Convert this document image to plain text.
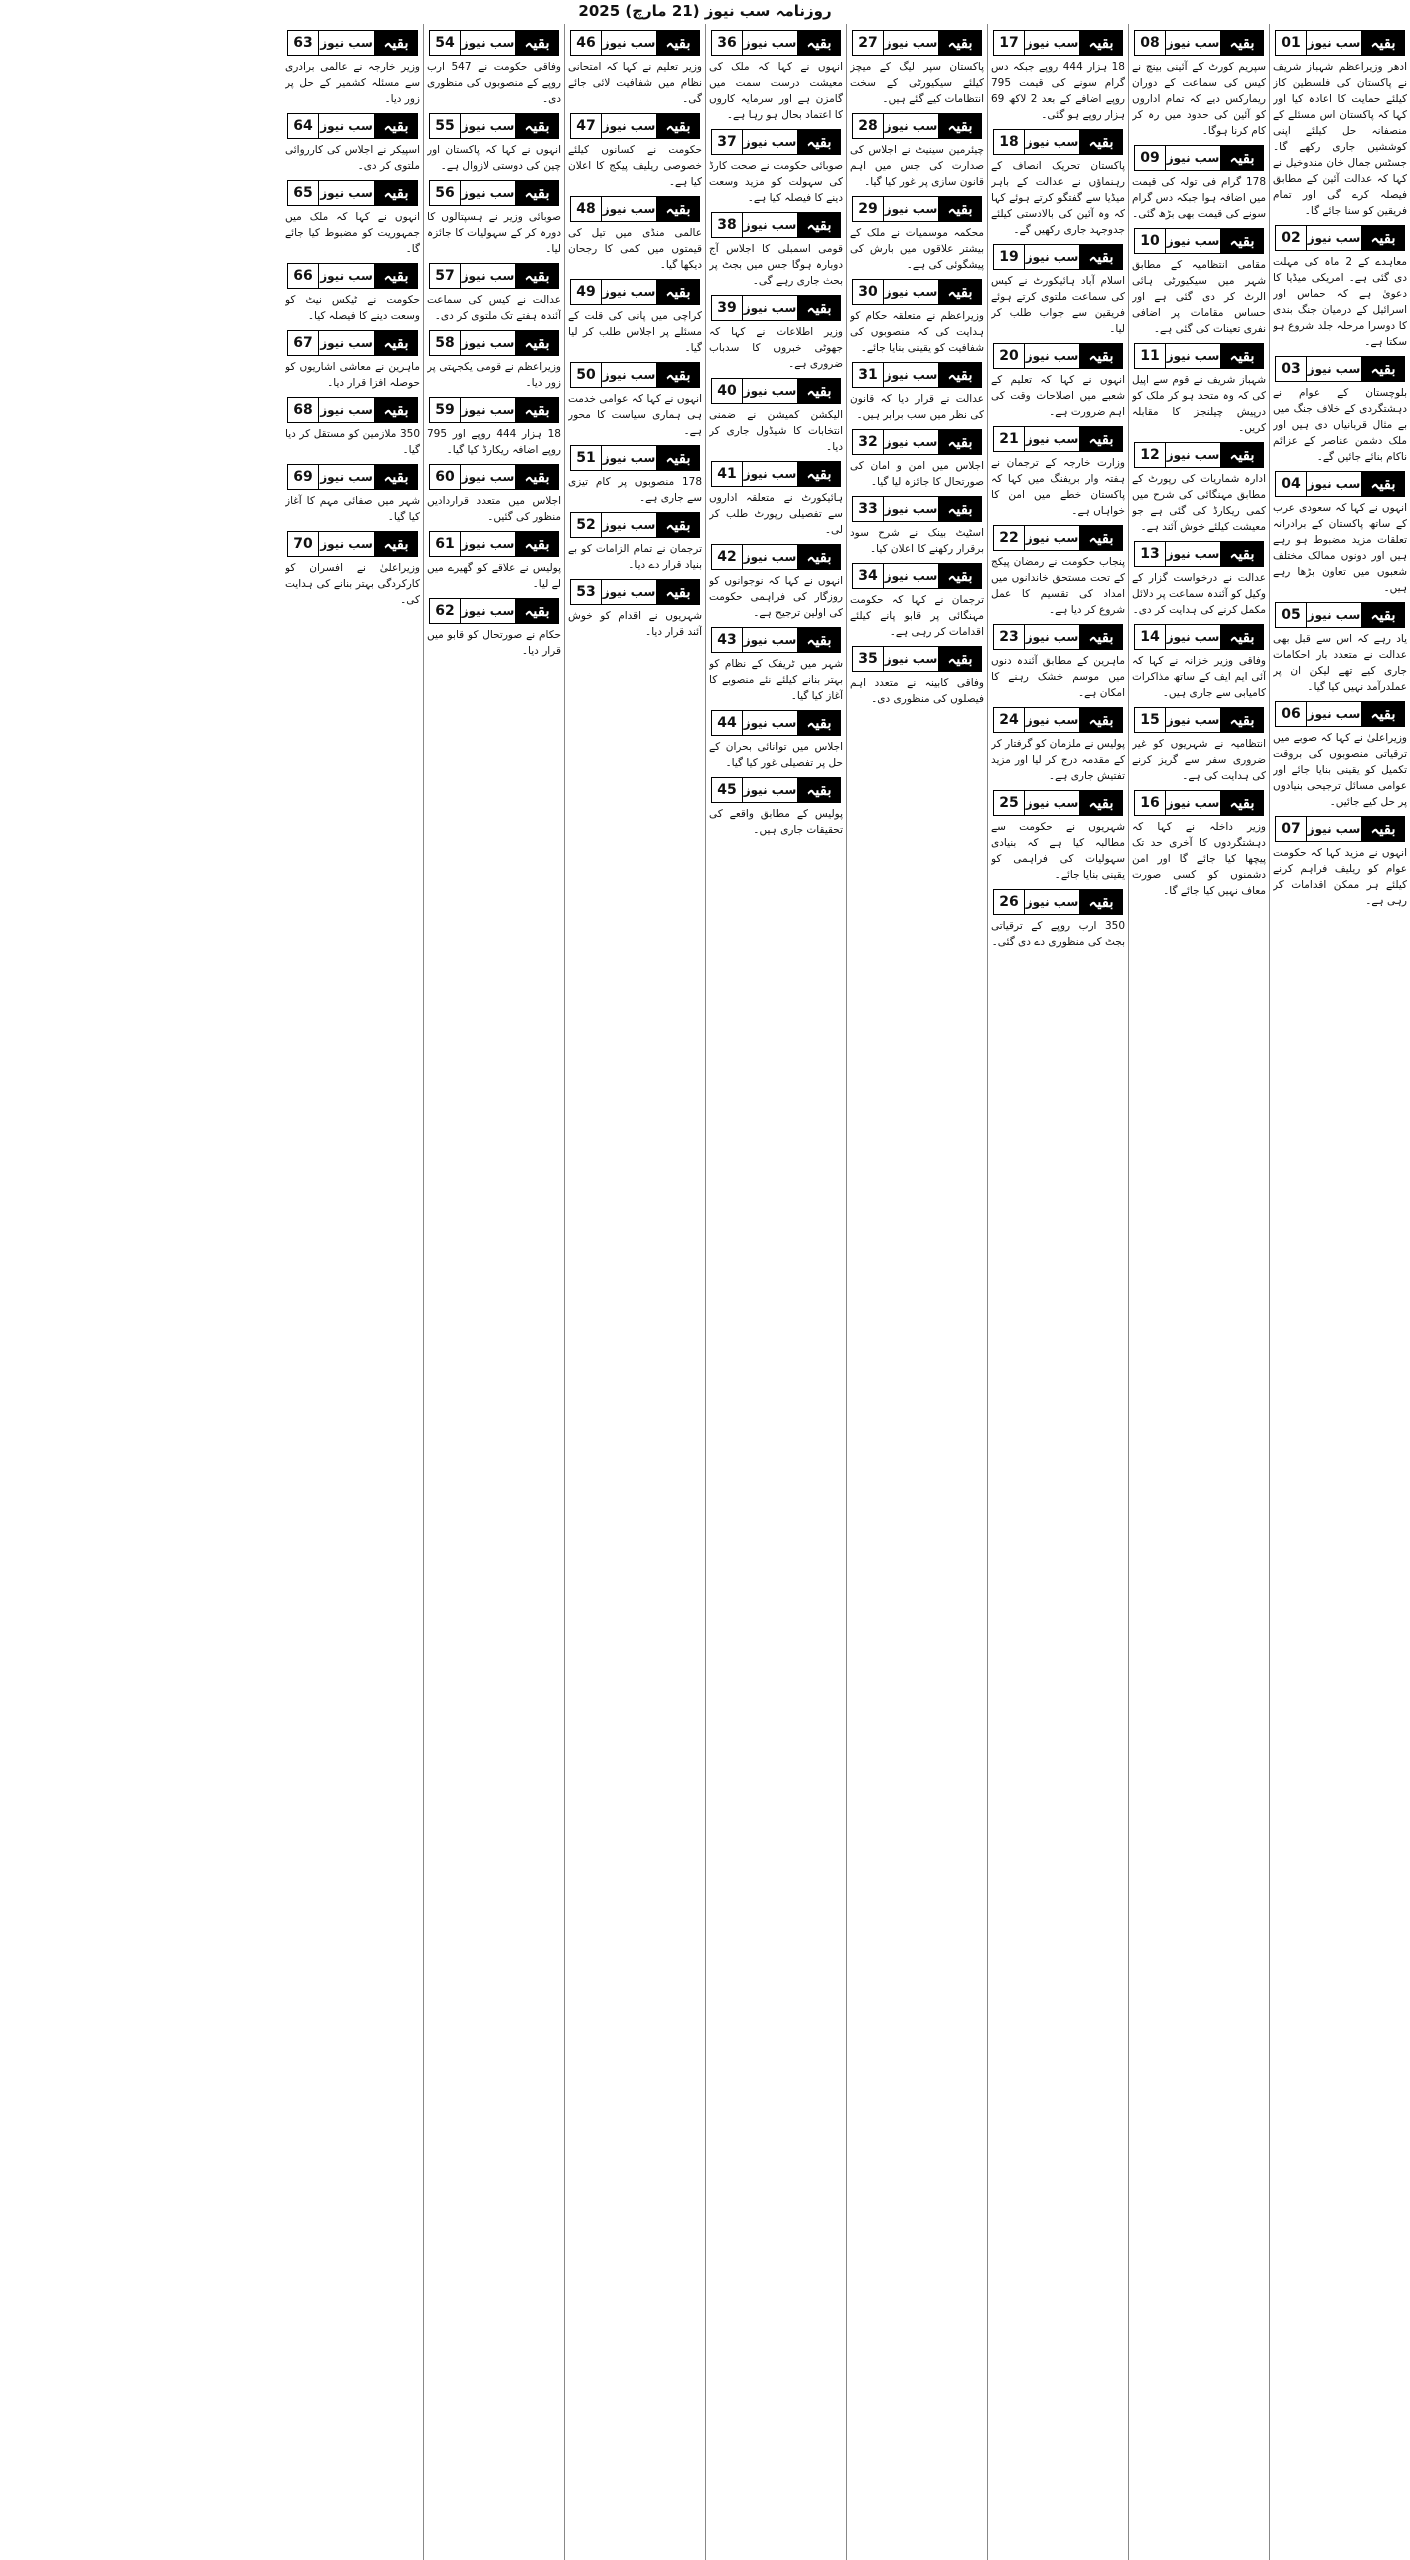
روزنامہ سب نیوز (21 مارچ) 2025
بقیہ
سب نیوز
01

ادھر وزیراعظم شہباز شریف نے پاکستان کی فلسطین کاز کیلئے حمایت کا اعادہ کیا اور کہا کہ پاکستان اس مسئلے کے منصفانہ حل کیلئے اپنی کوششیں جاری رکھے گا۔ جسٹس جمال خان مندوخیل نے کہا کہ عدالت آئین کے مطابق فیصلہ کرے گی اور تمام فریقین کو سنا جائے گا۔

بقیہ
سب نیوز
02

معاہدے کے 2 ماہ کی مہلت دی گئی ہے۔ امریکی میڈیا کا دعویٰ ہے کہ حماس اور اسرائیل کے درمیان جنگ بندی کا دوسرا مرحلہ جلد شروع ہو سکتا ہے۔

بقیہ
سب نیوز
03

بلوچستان کے عوام نے دہشتگردی کے خلاف جنگ میں بے مثال قربانیاں دی ہیں اور ملک دشمن عناصر کے عزائم ناکام بنائے جائیں گے۔

بقیہ
سب نیوز
04

انہوں نے کہا کہ سعودی عرب کے ساتھ پاکستان کے برادرانہ تعلقات مزید مضبوط ہو رہے ہیں اور دونوں ممالک مختلف شعبوں میں تعاون بڑھا رہے ہیں۔

بقیہ
سب نیوز
05

یاد رہے کہ اس سے قبل بھی عدالت نے متعدد بار احکامات جاری کیے تھے لیکن ان پر عملدرآمد نہیں کیا گیا۔

بقیہ
سب نیوز
06

وزیراعلیٰ نے کہا کہ صوبے میں ترقیاتی منصوبوں کی بروقت تکمیل کو یقینی بنایا جائے اور عوامی مسائل ترجیحی بنیادوں پر حل کیے جائیں۔

بقیہ
سب نیوز
07

انہوں نے مزید کہا کہ حکومت عوام کو ریلیف فراہم کرنے کیلئے ہر ممکن اقدامات کر رہی ہے۔

بقیہ
سب نیوز
08

سپریم کورٹ کے آئینی بینچ نے کیس کی سماعت کے دوران ریمارکس دیے کہ تمام اداروں کو آئین کی حدود میں رہ کر کام کرنا ہوگا۔

بقیہ
سب نیوز
09

178 گرام فی تولہ کی قیمت میں اضافہ ہوا جبکہ دس گرام سونے کی قیمت بھی بڑھ گئی۔

بقیہ
سب نیوز
10

مقامی انتظامیہ کے مطابق شہر میں سیکیورٹی ہائی الرٹ کر دی گئی ہے اور حساس مقامات پر اضافی نفری تعینات کی گئی ہے۔

بقیہ
سب نیوز
11

شہباز شریف نے قوم سے اپیل کی کہ وہ متحد ہو کر ملک کو درپیش چیلنجز کا مقابلہ کریں۔

بقیہ
سب نیوز
12

ادارہ شماریات کی رپورٹ کے مطابق مہنگائی کی شرح میں کمی ریکارڈ کی گئی ہے جو معیشت کیلئے خوش آئند ہے۔

بقیہ
سب نیوز
13

عدالت نے درخواست گزار کے وکیل کو آئندہ سماعت پر دلائل مکمل کرنے کی ہدایت کر دی۔

بقیہ
سب نیوز
14

وفاقی وزیر خزانہ نے کہا کہ آئی ایم ایف کے ساتھ مذاکرات کامیابی سے جاری ہیں۔

بقیہ
سب نیوز
15

انتظامیہ نے شہریوں کو غیر ضروری سفر سے گریز کرنے کی ہدایت کی ہے۔

بقیہ
سب نیوز
16

وزیر داخلہ نے کہا کہ دہشتگردوں کا آخری حد تک پیچھا کیا جائے گا اور امن دشمنوں کو کسی صورت معاف نہیں کیا جائے گا۔

بقیہ
سب نیوز
17

18 ہزار 444 روپے جبکہ دس گرام سونے کی قیمت 795 روپے اضافے کے بعد 2 لاکھ 69 ہزار روپے ہو گئی۔

بقیہ
سب نیوز
18

پاکستان تحریک انصاف کے رہنماؤں نے عدالت کے باہر میڈیا سے گفتگو کرتے ہوئے کہا کہ وہ آئین کی بالادستی کیلئے جدوجہد جاری رکھیں گے۔

بقیہ
سب نیوز
19

اسلام آباد ہائیکورٹ نے کیس کی سماعت ملتوی کرتے ہوئے فریقین سے جواب طلب کر لیا۔

بقیہ
سب نیوز
20

انہوں نے کہا کہ تعلیم کے شعبے میں اصلاحات وقت کی اہم ضرورت ہے۔

بقیہ
سب نیوز
21

وزارت خارجہ کے ترجمان نے ہفتہ وار بریفنگ میں کہا کہ پاکستان خطے میں امن کا خواہاں ہے۔

بقیہ
سب نیوز
22

پنجاب حکومت نے رمضان پیکج کے تحت مستحق خاندانوں میں امداد کی تقسیم کا عمل شروع کر دیا ہے۔

بقیہ
سب نیوز
23

ماہرین کے مطابق آئندہ دنوں میں موسم خشک رہنے کا امکان ہے۔

بقیہ
سب نیوز
24

پولیس نے ملزمان کو گرفتار کر کے مقدمہ درج کر لیا اور مزید تفتیش جاری ہے۔

بقیہ
سب نیوز
25

شہریوں نے حکومت سے مطالبہ کیا ہے کہ بنیادی سہولیات کی فراہمی کو یقینی بنایا جائے۔

بقیہ
سب نیوز
26

350 ارب روپے کے ترقیاتی بجٹ کی منظوری دے دی گئی۔

بقیہ
سب نیوز
27

پاکستان سپر لیگ کے میچز کیلئے سیکیورٹی کے سخت انتظامات کیے گئے ہیں۔

بقیہ
سب نیوز
28

چیئرمین سینیٹ نے اجلاس کی صدارت کی جس میں اہم قانون سازی پر غور کیا گیا۔

بقیہ
سب نیوز
29

محکمہ موسمیات نے ملک کے بیشتر علاقوں میں بارش کی پیشگوئی کی ہے۔

بقیہ
سب نیوز
30

وزیراعظم نے متعلقہ حکام کو ہدایت کی کہ منصوبوں کی شفافیت کو یقینی بنایا جائے۔

بقیہ
سب نیوز
31

عدالت نے قرار دیا کہ قانون کی نظر میں سب برابر ہیں۔

بقیہ
سب نیوز
32

اجلاس میں امن و امان کی صورتحال کا جائزہ لیا گیا۔

بقیہ
سب نیوز
33

اسٹیٹ بینک نے شرح سود برقرار رکھنے کا اعلان کیا۔

بقیہ
سب نیوز
34

ترجمان نے کہا کہ حکومت مہنگائی پر قابو پانے کیلئے اقدامات کر رہی ہے۔

بقیہ
سب نیوز
35

وفاقی کابینہ نے متعدد اہم فیصلوں کی منظوری دی۔

بقیہ
سب نیوز
36

انہوں نے کہا کہ ملک کی معیشت درست سمت میں گامزن ہے اور سرمایہ کاروں کا اعتماد بحال ہو رہا ہے۔

بقیہ
سب نیوز
37

صوبائی حکومت نے صحت کارڈ کی سہولت کو مزید وسعت دینے کا فیصلہ کیا ہے۔

بقیہ
سب نیوز
38

قومی اسمبلی کا اجلاس آج دوبارہ ہوگا جس میں بجٹ پر بحث جاری رہے گی۔

بقیہ
سب نیوز
39

وزیر اطلاعات نے کہا کہ جھوٹی خبروں کا سدباب ضروری ہے۔

بقیہ
سب نیوز
40

الیکشن کمیشن نے ضمنی انتخابات کا شیڈول جاری کر دیا۔

بقیہ
سب نیوز
41

ہائیکورٹ نے متعلقہ اداروں سے تفصیلی رپورٹ طلب کر لی۔

بقیہ
سب نیوز
42

انہوں نے کہا کہ نوجوانوں کو روزگار کی فراہمی حکومت کی اولین ترجیح ہے۔

بقیہ
سب نیوز
43

شہر میں ٹریفک کے نظام کو بہتر بنانے کیلئے نئے منصوبے کا آغاز کیا گیا۔

بقیہ
سب نیوز
44

اجلاس میں توانائی بحران کے حل پر تفصیلی غور کیا گیا۔

بقیہ
سب نیوز
45

پولیس کے مطابق واقعے کی تحقیقات جاری ہیں۔

بقیہ
سب نیوز
46

وزیر تعلیم نے کہا کہ امتحانی نظام میں شفافیت لائی جائے گی۔

بقیہ
سب نیوز
47

حکومت نے کسانوں کیلئے خصوصی ریلیف پیکج کا اعلان کیا ہے۔

بقیہ
سب نیوز
48

عالمی منڈی میں تیل کی قیمتوں میں کمی کا رجحان دیکھا گیا۔

بقیہ
سب نیوز
49

کراچی میں پانی کی قلت کے مسئلے پر اجلاس طلب کر لیا گیا۔

بقیہ
سب نیوز
50

انہوں نے کہا کہ عوامی خدمت ہی ہماری سیاست کا محور ہے۔

بقیہ
سب نیوز
51

178 منصوبوں پر کام تیزی سے جاری ہے۔

بقیہ
سب نیوز
52

ترجمان نے تمام الزامات کو بے بنیاد قرار دے دیا۔

بقیہ
سب نیوز
53

شہریوں نے اقدام کو خوش آئند قرار دیا۔

بقیہ
سب نیوز
54

وفاقی حکومت نے 547 ارب روپے کے منصوبوں کی منظوری دی۔

بقیہ
سب نیوز
55

انہوں نے کہا کہ پاکستان اور چین کی دوستی لازوال ہے۔

بقیہ
سب نیوز
56

صوبائی وزیر نے ہسپتالوں کا دورہ کر کے سہولیات کا جائزہ لیا۔

بقیہ
سب نیوز
57

عدالت نے کیس کی سماعت آئندہ ہفتے تک ملتوی کر دی۔

بقیہ
سب نیوز
58

وزیراعظم نے قومی یکجہتی پر زور دیا۔

بقیہ
سب نیوز
59

18 ہزار 444 روپے اور 795 روپے اضافہ ریکارڈ کیا گیا۔

بقیہ
سب نیوز
60

اجلاس میں متعدد قراردادیں منظور کی گئیں۔

بقیہ
سب نیوز
61

پولیس نے علاقے کو گھیرے میں لے لیا۔

بقیہ
سب نیوز
62

حکام نے صورتحال کو قابو میں قرار دیا۔

بقیہ
سب نیوز
63

وزیر خارجہ نے عالمی برادری سے مسئلہ کشمیر کے حل پر زور دیا۔

بقیہ
سب نیوز
64

اسپیکر نے اجلاس کی کارروائی ملتوی کر دی۔

بقیہ
سب نیوز
65

انہوں نے کہا کہ ملک میں جمہوریت کو مضبوط کیا جائے گا۔

بقیہ
سب نیوز
66

حکومت نے ٹیکس نیٹ کو وسعت دینے کا فیصلہ کیا۔

بقیہ
سب نیوز
67

ماہرین نے معاشی اشاریوں کو حوصلہ افزا قرار دیا۔

بقیہ
سب نیوز
68

350 ملازمین کو مستقل کر دیا گیا۔

بقیہ
سب نیوز
69

شہر میں صفائی مہم کا آغاز کیا گیا۔

بقیہ
سب نیوز
70

وزیراعلیٰ نے افسران کو کارکردگی بہتر بنانے کی ہدایت کی۔
